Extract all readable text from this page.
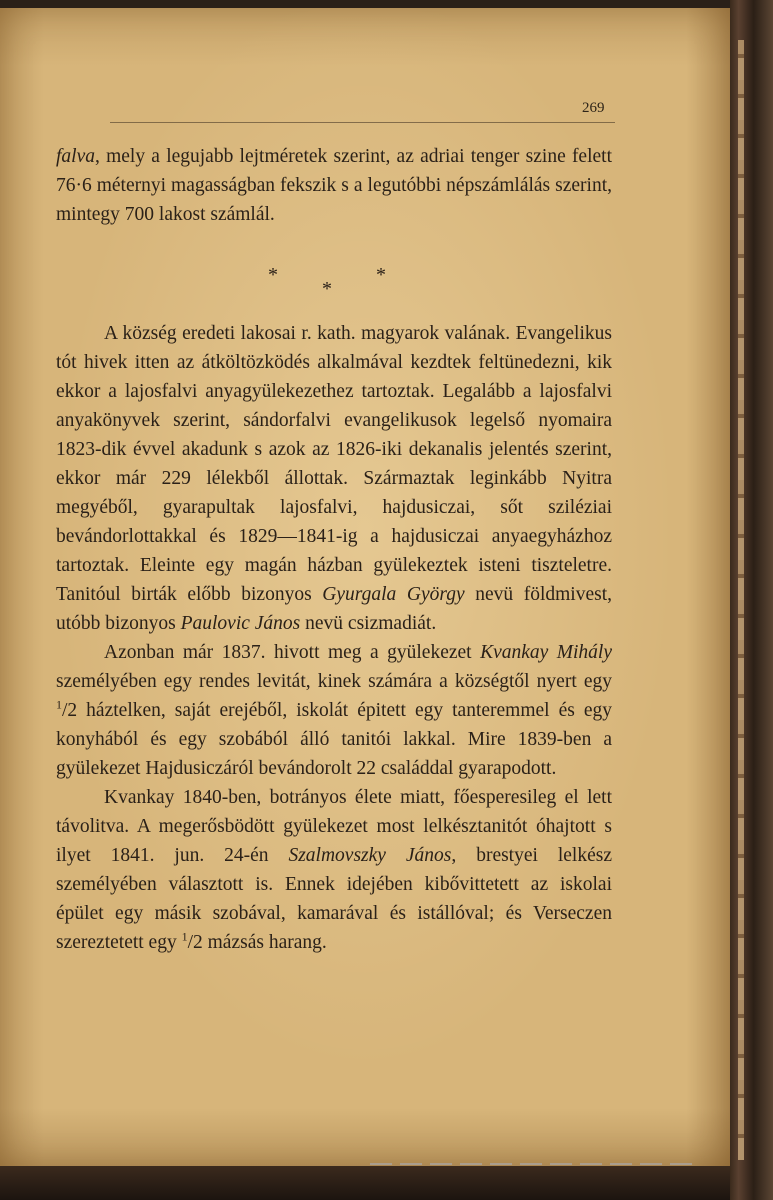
269

falva, mely a legujabb lejtméretek szerint, az adriai tenger szine felett 76·6 méternyi magasságban fekszik s a legutóbbi népszámlálás szerint, mintegy 700 lakost számlál.

*	*
*

A község eredeti lakosai r. kath. magyarok valának. Evangelikus tót hivek itten az átköltözködés alkalmával kezdtek feltünedezni, kik ekkor a lajosfalvi anyagyülekezethez tartoztak. Legalább a lajosfalvi anyakönyvek szerint, sándorfalvi evangelikusok legelső nyomaira 1823-dik évvel akadunk s azok az 1826-iki dekanalis jelentés szerint, ekkor már 229 lélekből állottak. Származtak leginkább Nyitra megyéből, gyarapultak lajosfalvi, hajdusiczai, sőt sziléziai bevándorlottakkal és 1829—1841-ig a hajdusiczai anyaegyházhoz tartoztak. Eleinte egy magán házban gyülekeztek isteni tiszteletre. Tanitóul birták előbb bizonyos Gyurgala György nevü földmivest, utóbb bizonyos Paulovic János nevü csizmadiát.

Azonban már 1837. hivott meg a gyülekezet Kvankay Mihály személyében egy rendes levitát, kinek számára a községtől nyert egy $^1$/2 háztelken, saját erejéből, iskolát épitett egy tanteremmel és egy konyhából és egy szobából álló tanitói lakkal. Mire 1839-ben a gyülekezet Hajdusiczáról bevándorolt 22 családdal gyarapodott.

Kvankay 1840-ben, botrányos élete miatt, főesperesileg el lett távolitva. A megerősbödött gyülekezet most lelkésztanitót óhajtott s ilyet 1841. jun. 24-én Szalmovszky János, brestyei lelkész személyében választott is. Ennek idejében kibővittetett az iskolai épület egy másik szobával, kamarával és istállóval; és Verseczen szereztetett egy $^1$/2 mázsás harang.
